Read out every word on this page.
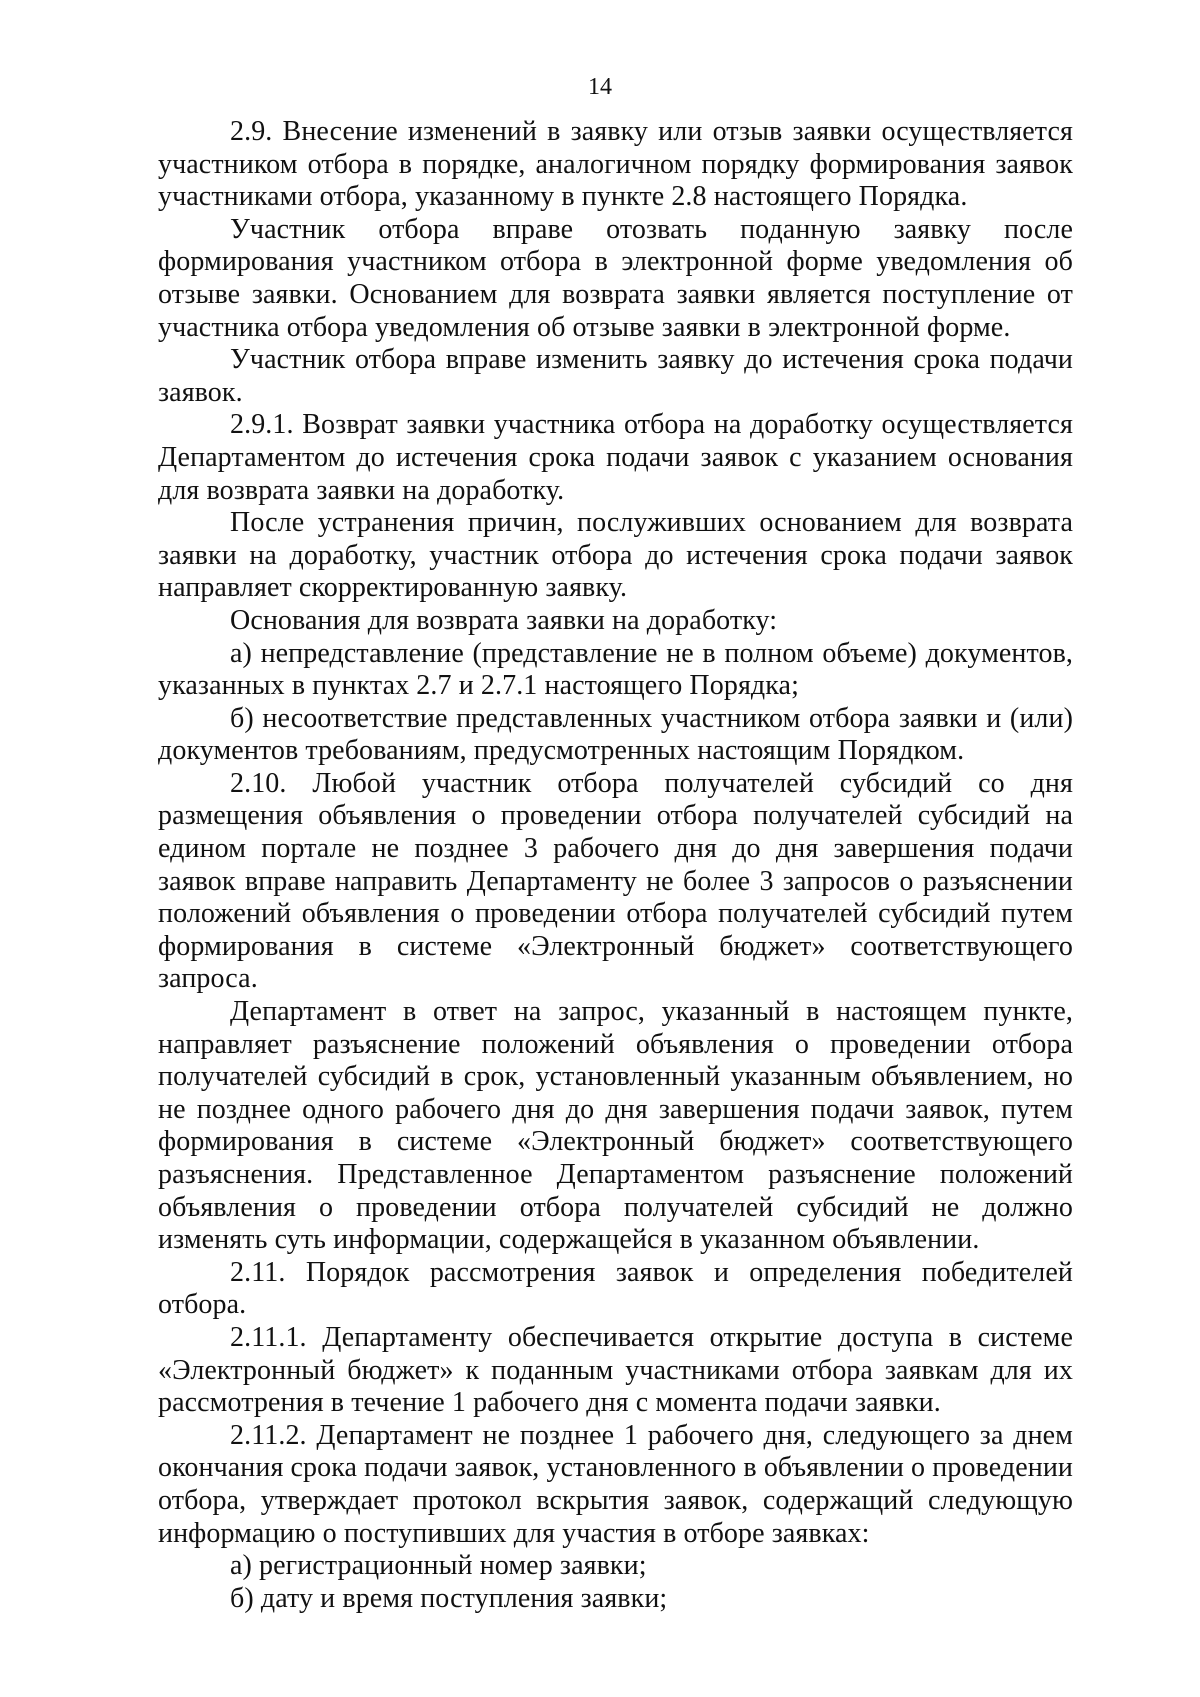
14

2.9. Внесение изменений в заявку или отзыв заявки осуществляется участником отбора в порядке, аналогичном порядку формирования заявок участниками отбора, указанному в пункте 2.8 настоящего Порядка.

Участник отбора вправе отозвать поданную заявку после формирования участником отбора в электронной форме уведомления об отзыве заявки. Основанием для возврата заявки является поступление от участника отбора уведомления об отзыве заявки в электронной форме.

Участник отбора вправе изменить заявку до истечения срока подачи заявок.

2.9.1. Возврат заявки участника отбора на доработку осуществляется Департаментом до истечения срока подачи заявок с указанием основания для возврата заявки на доработку.

После устранения причин, послуживших основанием для возврата заявки на доработку, участник отбора до истечения срока подачи заявок направляет скорректированную заявку.

Основания для возврата заявки на доработку:

а) непредставление (представление не в полном объеме) документов, указанных в пунктах 2.7 и 2.7.1 настоящего Порядка;

б) несоответствие представленных участником отбора заявки и (или) документов требованиям, предусмотренных настоящим Порядком.

2.10. Любой участник отбора получателей субсидий со дня размещения объявления о проведении отбора получателей субсидий на едином портале не позднее 3 рабочего дня до дня завершения подачи заявок вправе направить Департаменту не более 3 запросов о разъяснении положений объявления о проведении отбора получателей субсидий путем формирования в системе «Электронный бюджет» соответствующего запроса.

Департамент в ответ на запрос, указанный в настоящем пункте, направляет разъяснение положений объявления о проведении отбора получателей субсидий в срок, установленный указанным объявлением, но не позднее одного рабочего дня до дня завершения подачи заявок, путем формирования в системе «Электронный бюджет» соответствующего разъяснения. Представленное Департаментом разъяснение положений объявления о проведении отбора получателей субсидий не должно изменять суть информации, содержащейся в указанном объявлении.

2.11. Порядок рассмотрения заявок и определения победителей отбора.

2.11.1. Департаменту обеспечивается открытие доступа в системе «Электронный бюджет» к поданным участниками отбора заявкам для их рассмотрения в течение 1 рабочего дня с момента подачи заявки.

2.11.2. Департамент не позднее 1 рабочего дня, следующего за днем окончания срока подачи заявок, установленного в объявлении о проведении отбора, утверждает протокол вскрытия заявок, содержащий следующую информацию о поступивших для участия в отборе заявках:

а) регистрационный номер заявки;

б) дату и время поступления заявки;
